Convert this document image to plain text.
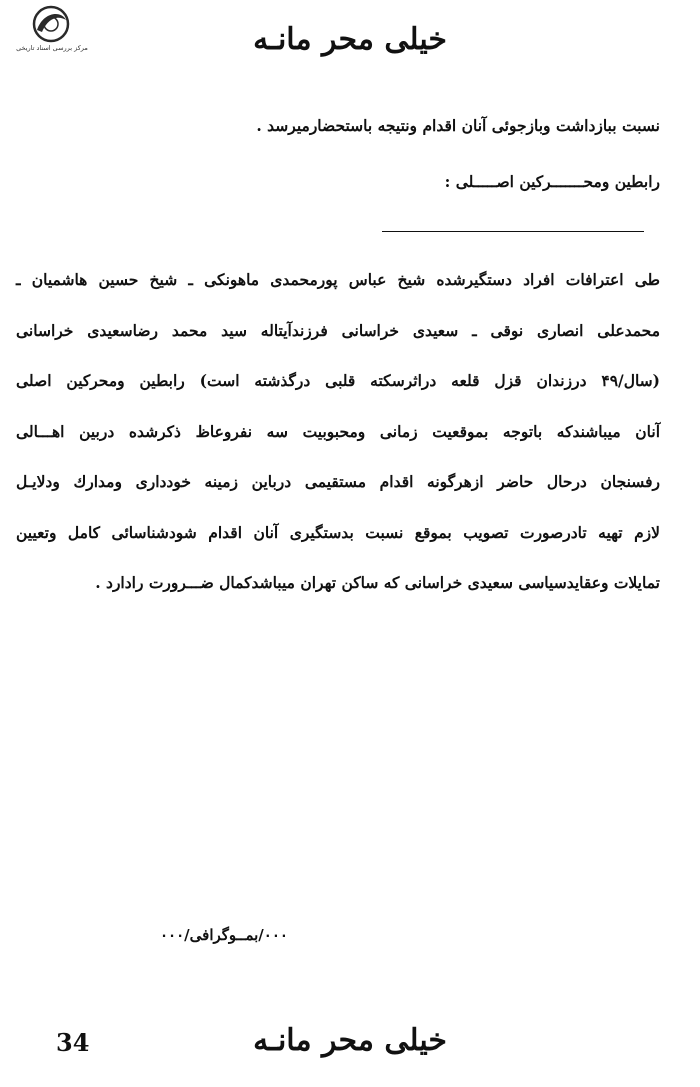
مرکز بررسی اسناد تاریخی	خیلی محر مانـه
نسبت ببازداشت وبازجوئی آنان اقدام ونتیجه باستحضارمیرسد .
رابطین ومحـــــــرکین اصـــــلی :
طی اعترافات افراد دستگیرشده شیخ عباس پورمحمدی ماهونکی ـ شیخ حسین هاشمیان ـ
محمدعلی انصاری نوقی ـ سعیدی خراسانی فرزندآیتاله سید محمد رضاسعیدی خراسانی
(سال/۴۹ درزندان قزل قلعه دراثرسکته قلبی درگذشته است) رابطین ومحرکین اصلی
آنان میباشندکه باتوجه بموقعیت زمانی ومحبوبیت سه نفروعاظ ذکرشده دربین اهـــالی
رفسنجان درحال حاضر ازهرگونه اقدام مستقیمی درباین زمینه خودداری ومدارك ودلایـل
لازم تهیه تادرصورت تصویب بموقع نسبت بدستگیری آنان اقدام شودشناسائی کامل وتعیین
تمایلات وعقایدسیاسی سعیدی خراسانی که ساکن تهران میباشدکمال ضـــرورت رادارد .
۰۰۰/بمــوگرافی/۰۰۰
34	خیلی محر مانـه
